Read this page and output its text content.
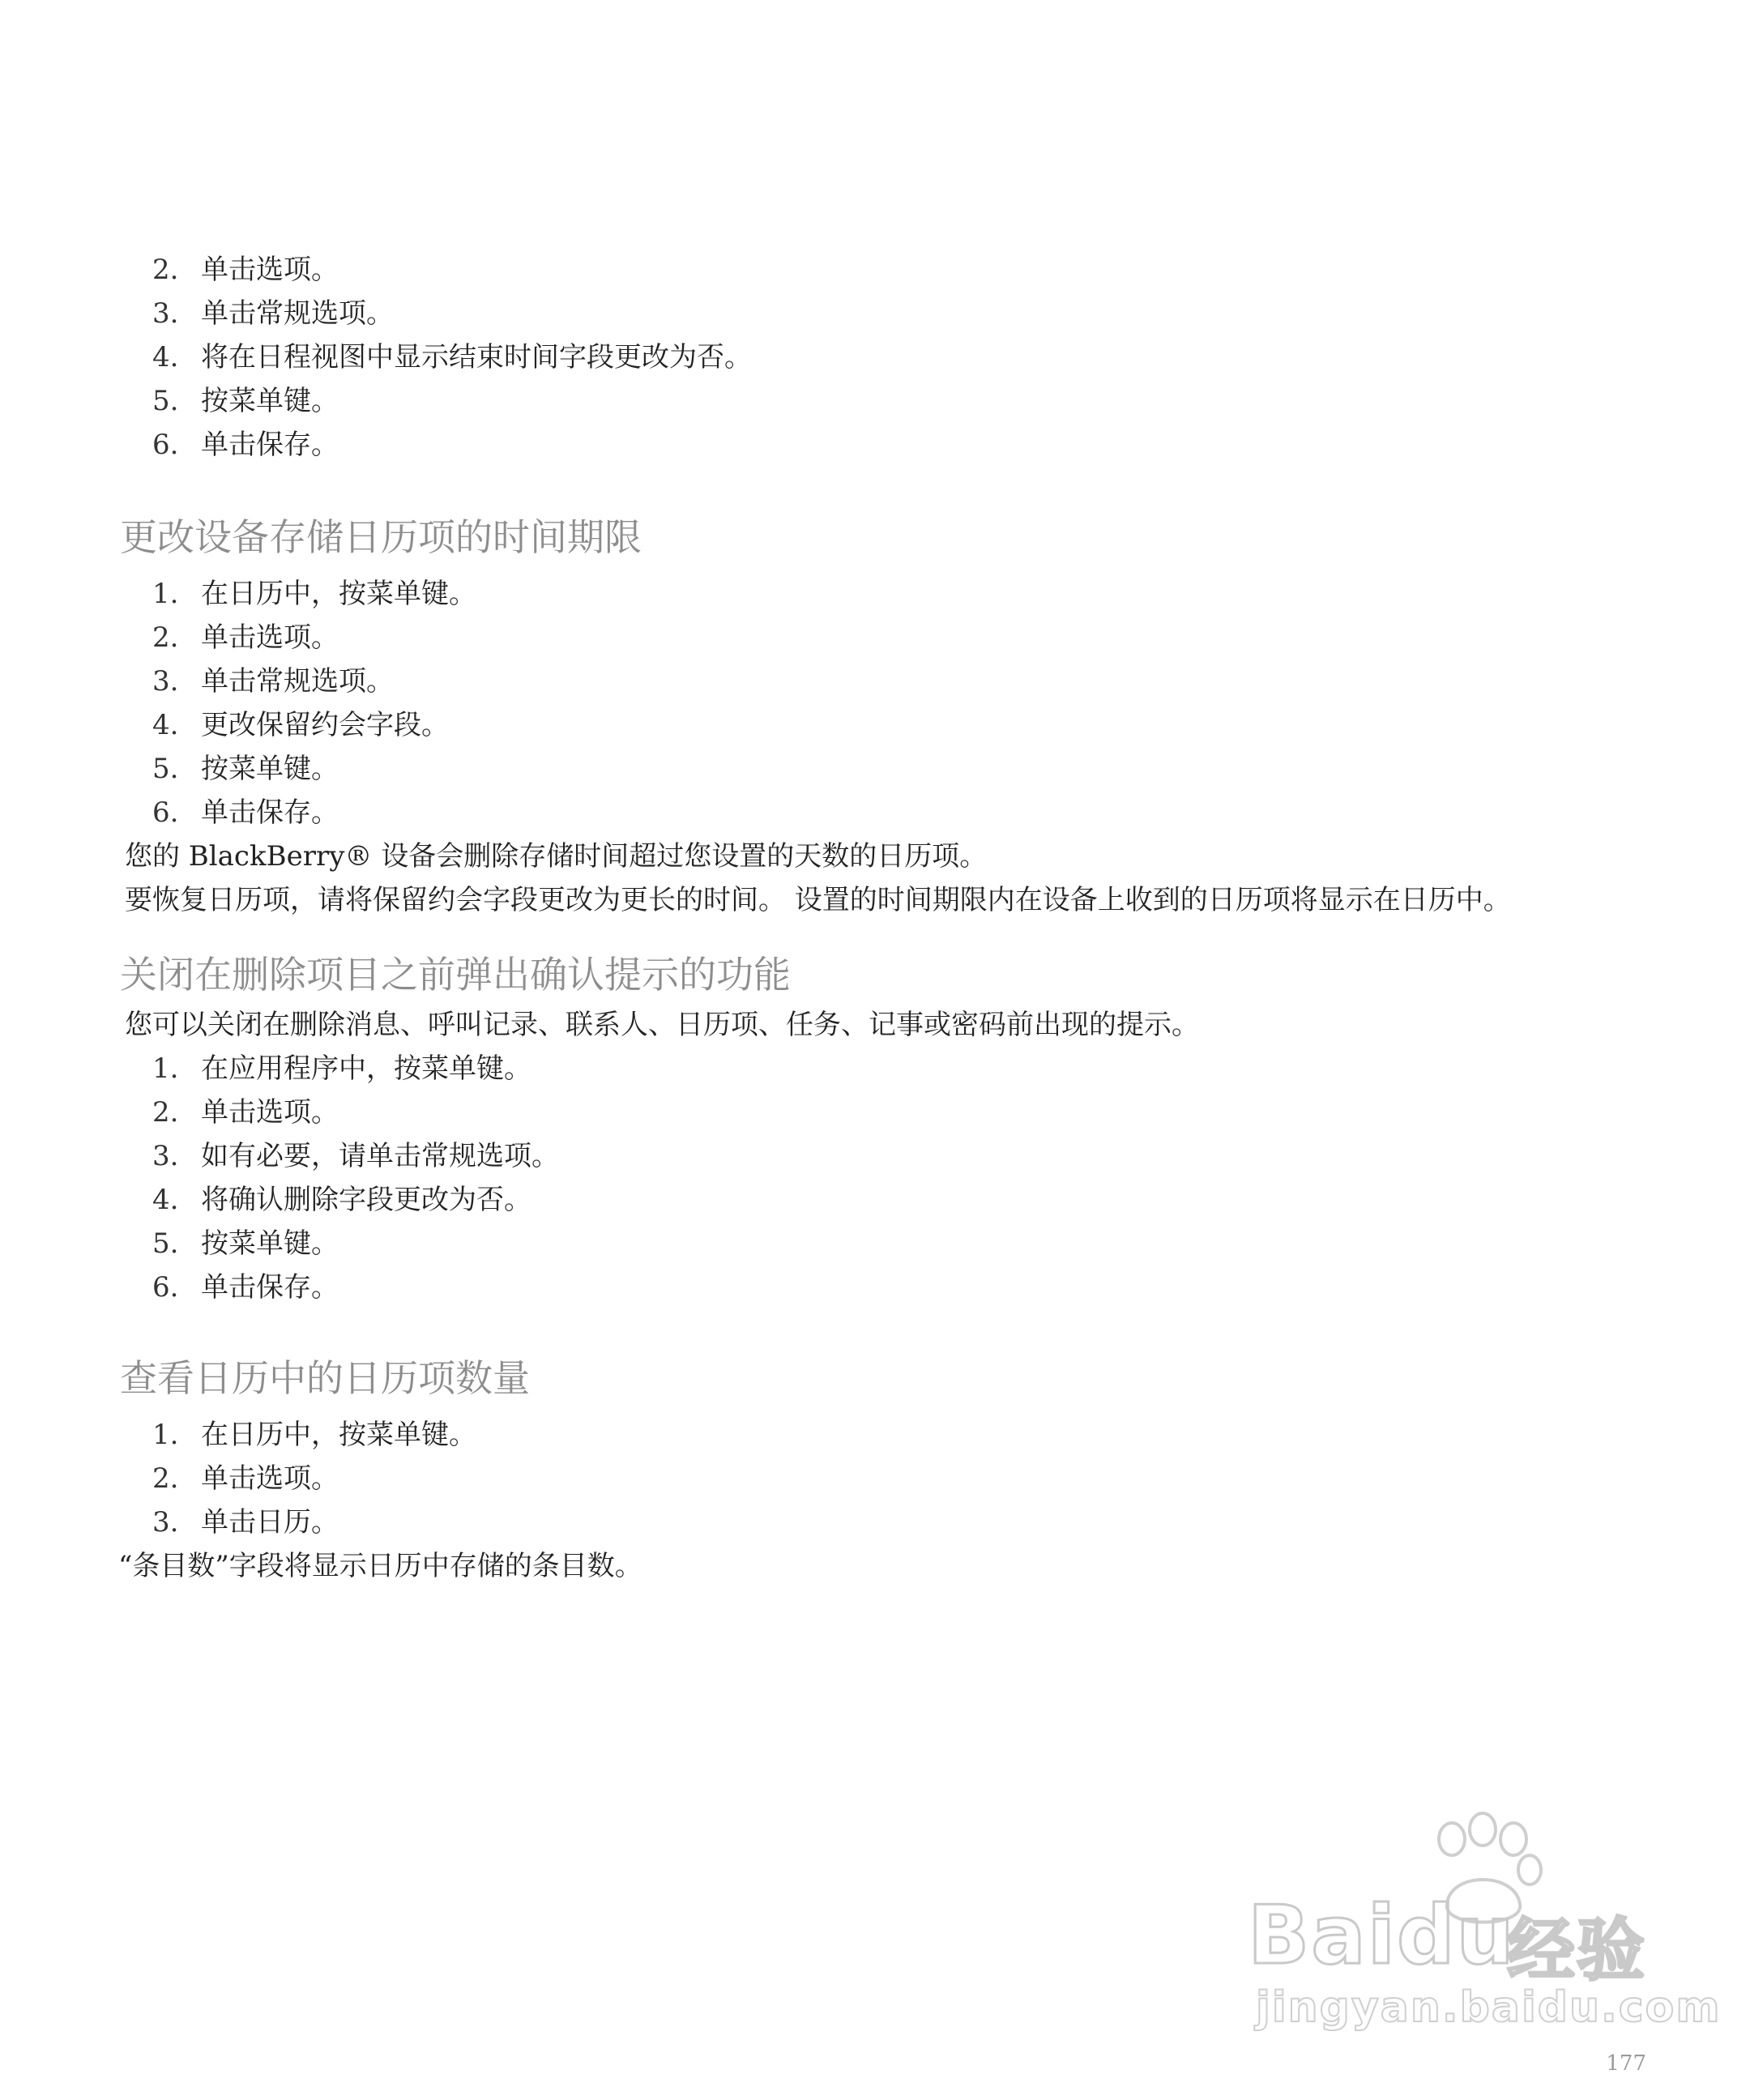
2. 单击选项。
3. 单击常规选项。
4. 将在日程视图中显示结束时间字段更改为否。
5. 按菜单键。
6. 单击保存。
更改设备存储日历项的时间期限
1. 在日历中，按菜单键。
2. 单击选项。
3. 单击常规选项。
4. 更改保留约会字段。
5. 按菜单键。
6. 单击保存。

您的 BlackBerry® 设备会删除存储时间超过您设置的天数的日历项。

要恢复日历项，请将保留约会字段更改为更长的时间。 设置的时间期限内在设备上收到的日历项将显示在日历中。

关闭在删除项目之前弹出确认提示的功能

您可以关闭在删除消息、呼叫记录、联系人、日历项、任务、记事或密码前出现的提示。

1. 在应用程序中，按菜单键。
2. 单击选项。
3. 如有必要，请单击常规选项。
4. 将确认删除字段更改为否。
5. 按菜单键。
6. 单击保存。
查看日历中的日历项数量
1. 在日历中，按菜单键。
2. 单击选项。
3. 单击日历。

“条目数”字段将显示日历中存储的条目数。

Baidu
经验
jingyan.baidu.com
177
